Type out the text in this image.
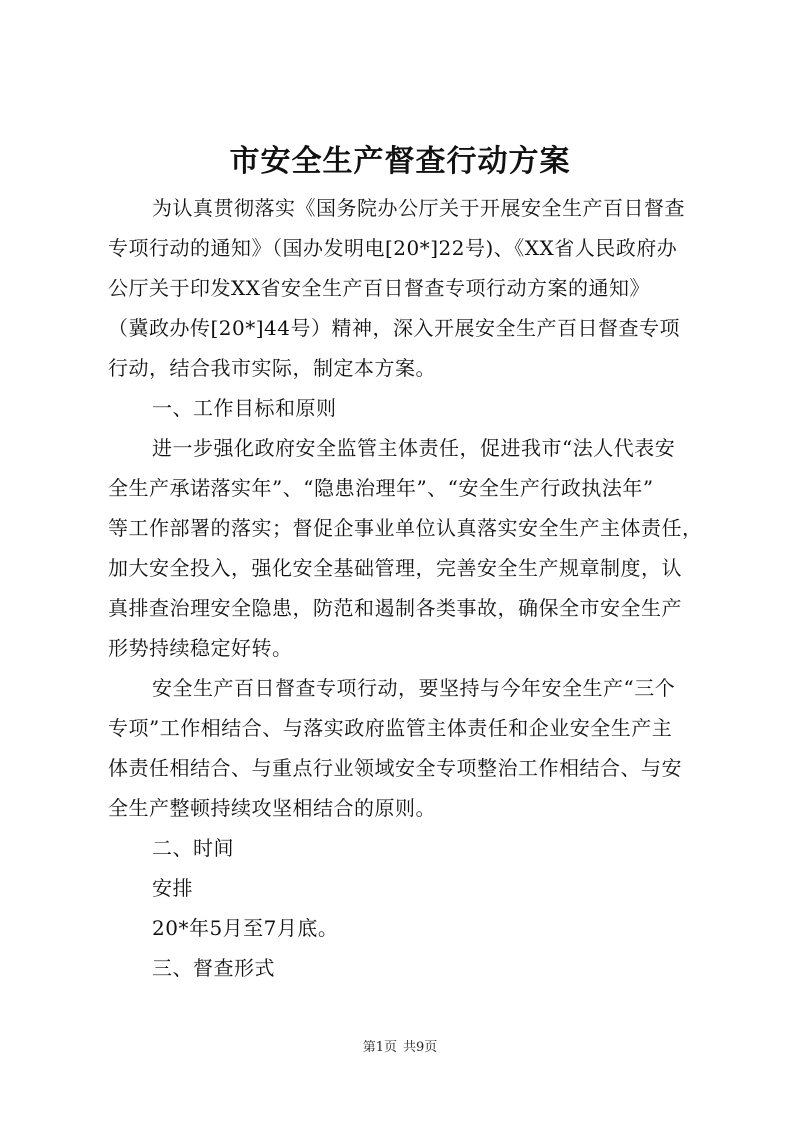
市安全生产督查行动方案
为认真贯彻落实《国务院办公厅关于开展安全生产百日督查
专项行动的通知》（国办发明电[20*]22号)、《XX省人民政府办
公厅关于印发XX省安全生产百日督查专项行动方案的通知》
（冀政办传[20*]44号）精神，深入开展安全生产百日督查专项
行动，结合我市实际，制定本方案。
一、工作目标和原则
进一步强化政府安全监管主体责任，促进我市“法人代表安
全生产承诺落实年”、“隐患治理年”、“安全生产行政执法年”
等工作部署的落实；督促企事业单位认真落实安全生产主体责任，
加大安全投入，强化安全基础管理，完善安全生产规章制度，认
真排查治理安全隐患，防范和遏制各类事故，确保全市安全生产
形势持续稳定好转。
安全生产百日督查专项行动，要坚持与今年安全生产“三个
专项”工作相结合、与落实政府监管主体责任和企业安全生产主
体责任相结合、与重点行业领域安全专项整治工作相结合、与安
全生产整顿持续攻坚相结合的原则。
二、时间
安排
20*年5月至7月底。
三、督查形式
第1页 共9页
